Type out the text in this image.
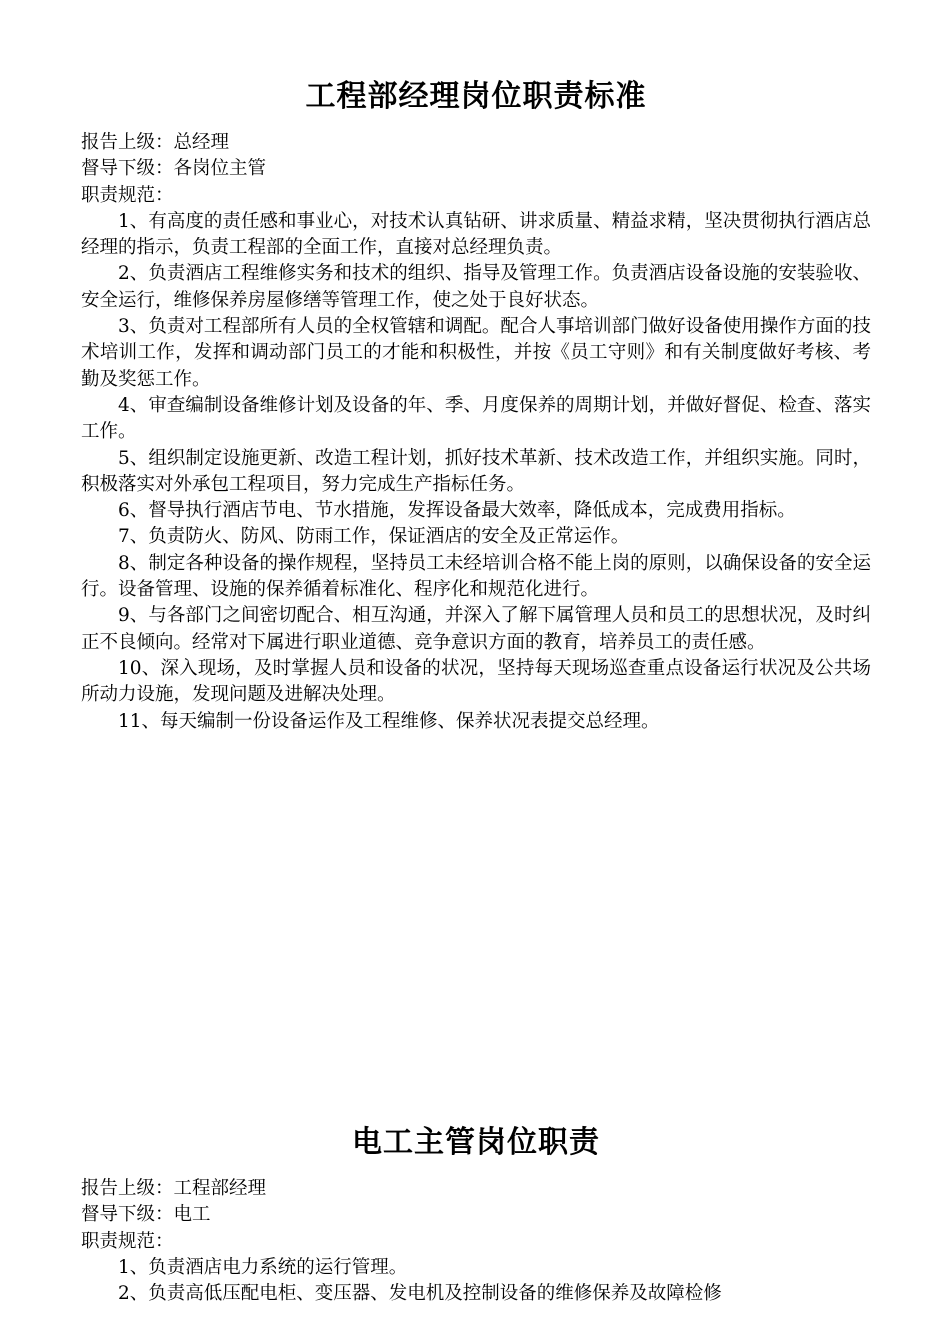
工程部经理岗位职责标准

报告上级：总经理

督导下级：各岗位主管

职责规范：

1、有高度的责任感和事业心，对技术认真钻研、讲求质量、精益求精，坚决贯彻执行酒店总经理的指示，负责工程部的全面工作，直接对总经理负责。

2、负责酒店工程维修实务和技术的组织、指导及管理工作。负责酒店设备设施的安装验收、安全运行，维修保养房屋修缮等管理工作，使之处于良好状态。

3、负责对工程部所有人员的全权管辖和调配。配合人事培训部门做好设备使用操作方面的技术培训工作，发挥和调动部门员工的才能和积极性，并按《员工守则》和有关制度做好考核、考勤及奖惩工作。

4、审查编制设备维修计划及设备的年、季、月度保养的周期计划，并做好督促、检查、落实工作。

5、组织制定设施更新、改造工程计划，抓好技术革新、技术改造工作，并组织实施。同时，积极落实对外承包工程项目，努力完成生产指标任务。

6、督导执行酒店节电、节水措施，发挥设备最大效率，降低成本，完成费用指标。

7、负责防火、防风、防雨工作，保证酒店的安全及正常运作。

8、制定各种设备的操作规程，坚持员工未经培训合格不能上岗的原则，以确保设备的安全运行。设备管理、设施的保养循着标准化、程序化和规范化进行。

9、与各部门之间密切配合、相互沟通，并深入了解下属管理人员和员工的思想状况，及时纠正不良倾向。经常对下属进行职业道德、竞争意识方面的教育，培养员工的责任感。

10、深入现场，及时掌握人员和设备的状况，坚持每天现场巡查重点设备运行状况及公共场所动力设施，发现问题及进解决处理。

11、每天编制一份设备运作及工程维修、保养状况表提交总经理。

电工主管岗位职责

报告上级：工程部经理

督导下级：电工

职责规范：

1、负责酒店电力系统的运行管理。

2、负责高低压配电柜、变压器、发电机及控制设备的维修保养及故障检修
